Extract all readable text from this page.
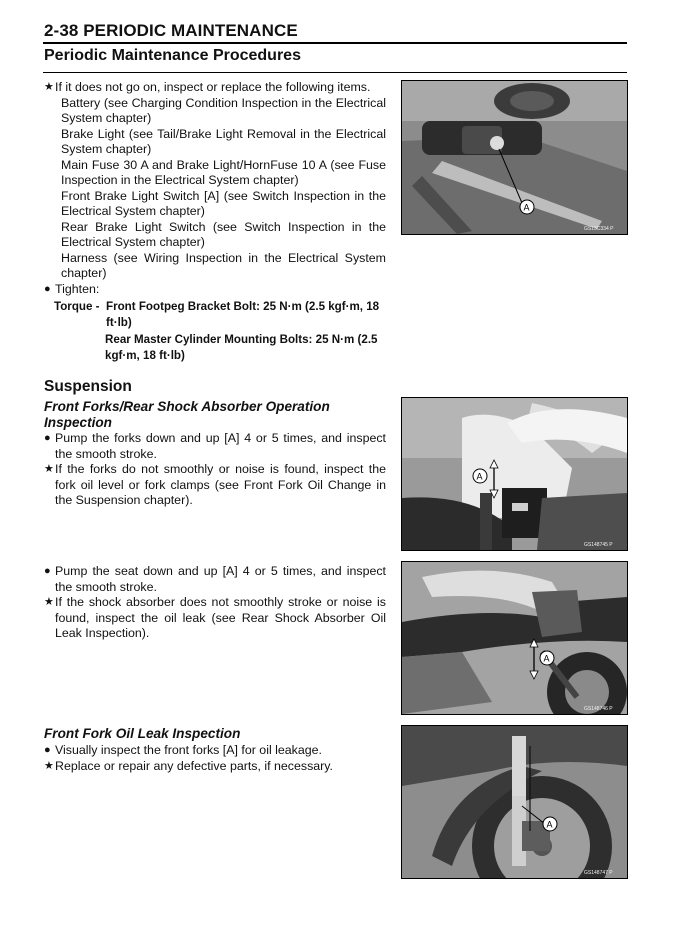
2-38 PERIODIC MAINTENANCE
Periodic Maintenance Procedures
★ If it does not go on, inspect or replace the following items.
Battery (see Charging Condition Inspection in the Electrical System chapter)
Brake Light (see Tail/Brake Light Removal in the Electrical System chapter)
Main Fuse 30 A and Brake Light/HornFuse 10 A (see Fuse Inspection in the Electrical System chapter)
Front Brake Light Switch [A] (see Switch Inspection in the Electrical System chapter)
Rear Brake Light Switch (see Switch Inspection in the Electrical System chapter)
Harness (see Wiring Inspection in the Electrical System chapter)
● Tighten:
Torque - Front Footpeg Bracket Bolt: 25 N·m (2.5 kgf·m, 18 ft·lb)
Rear Master Cylinder Mounting Bolts: 25 N·m (2.5 kgf·m, 18 ft·lb)
Suspension
Front Forks/Rear Shock Absorber Operation Inspection
● Pump the forks down and up [A] 4 or 5 times, and inspect the smooth stroke.
★ If the forks do not smoothly or noise is found, inspect the fork oil level or fork clamps (see Front Fork Oil Change in the Suspension chapter).
● Pump the seat down and up [A] 4 or 5 times, and inspect the smooth stroke.
★ If the shock absorber does not smoothly stroke or noise is found, inspect the oil leak (see Rear Shock Absorber Oil Leak Inspection).
Front Fork Oil Leak Inspection
● Visually inspect the front forks [A] for oil leakage.
★ Replace or repair any defective parts, if necessary.
A
GS13C334 P
A
GS148745 P
A
GS148746 P
A
GS148747 P
